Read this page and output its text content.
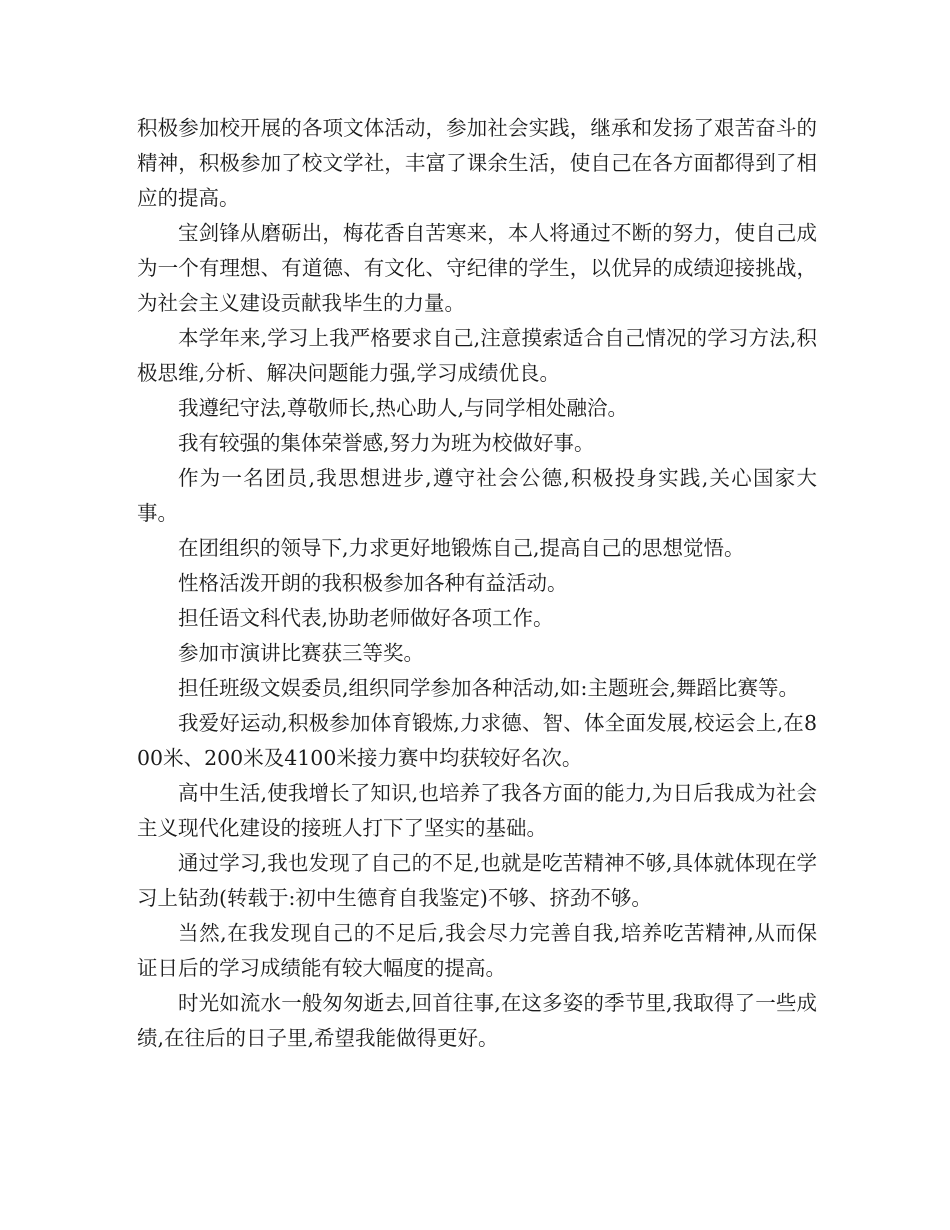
积极参加校开展的各项文体活动，参加社会实践，继承和发扬了艰苦奋斗的精神，积极参加了校文学社，丰富了课余生活，使自己在各方面都得到了相应的提高。

宝剑锋从磨砺出，梅花香自苦寒来，本人将通过不断的努力，使自己成为一个有理想、有道德、有文化、守纪律的学生，以优异的成绩迎接挑战，为社会主义建设贡献我毕生的力量。

本学年来,学习上我严格要求自己,注意摸索适合自己情况的学习方法,积极思维,分析、解决问题能力强,学习成绩优良。

我遵纪守法,尊敬师长,热心助人,与同学相处融洽。

我有较强的集体荣誉感,努力为班为校做好事。

作为一名团员,我思想进步,遵守社会公德,积极投身实践,关心国家大事。

在团组织的领导下,力求更好地锻炼自己,提高自己的思想觉悟。

性格活泼开朗的我积极参加各种有益活动。

担任语文科代表,协助老师做好各项工作。

参加市演讲比赛获三等奖。

担任班级文娱委员,组织同学参加各种活动,如:主题班会,舞蹈比赛等。

我爱好运动,积极参加体育锻炼,力求德、智、体全面发展,校运会上,在800米、200米及4100米接力赛中均获较好名次。

高中生活,使我增长了知识,也培养了我各方面的能力,为日后我成为社会主义现代化建设的接班人打下了坚实的基础。

通过学习,我也发现了自己的不足,也就是吃苦精神不够,具体就体现在学习上钻劲(转载于:初中生德育自我鉴定)不够、挤劲不够。

当然,在我发现自己的不足后,我会尽力完善自我,培养吃苦精神,从而保证日后的学习成绩能有较大幅度的提高。

时光如流水一般匆匆逝去,回首往事,在这多姿的季节里,我取得了一些成绩,在往后的日子里,希望我能做得更好。
